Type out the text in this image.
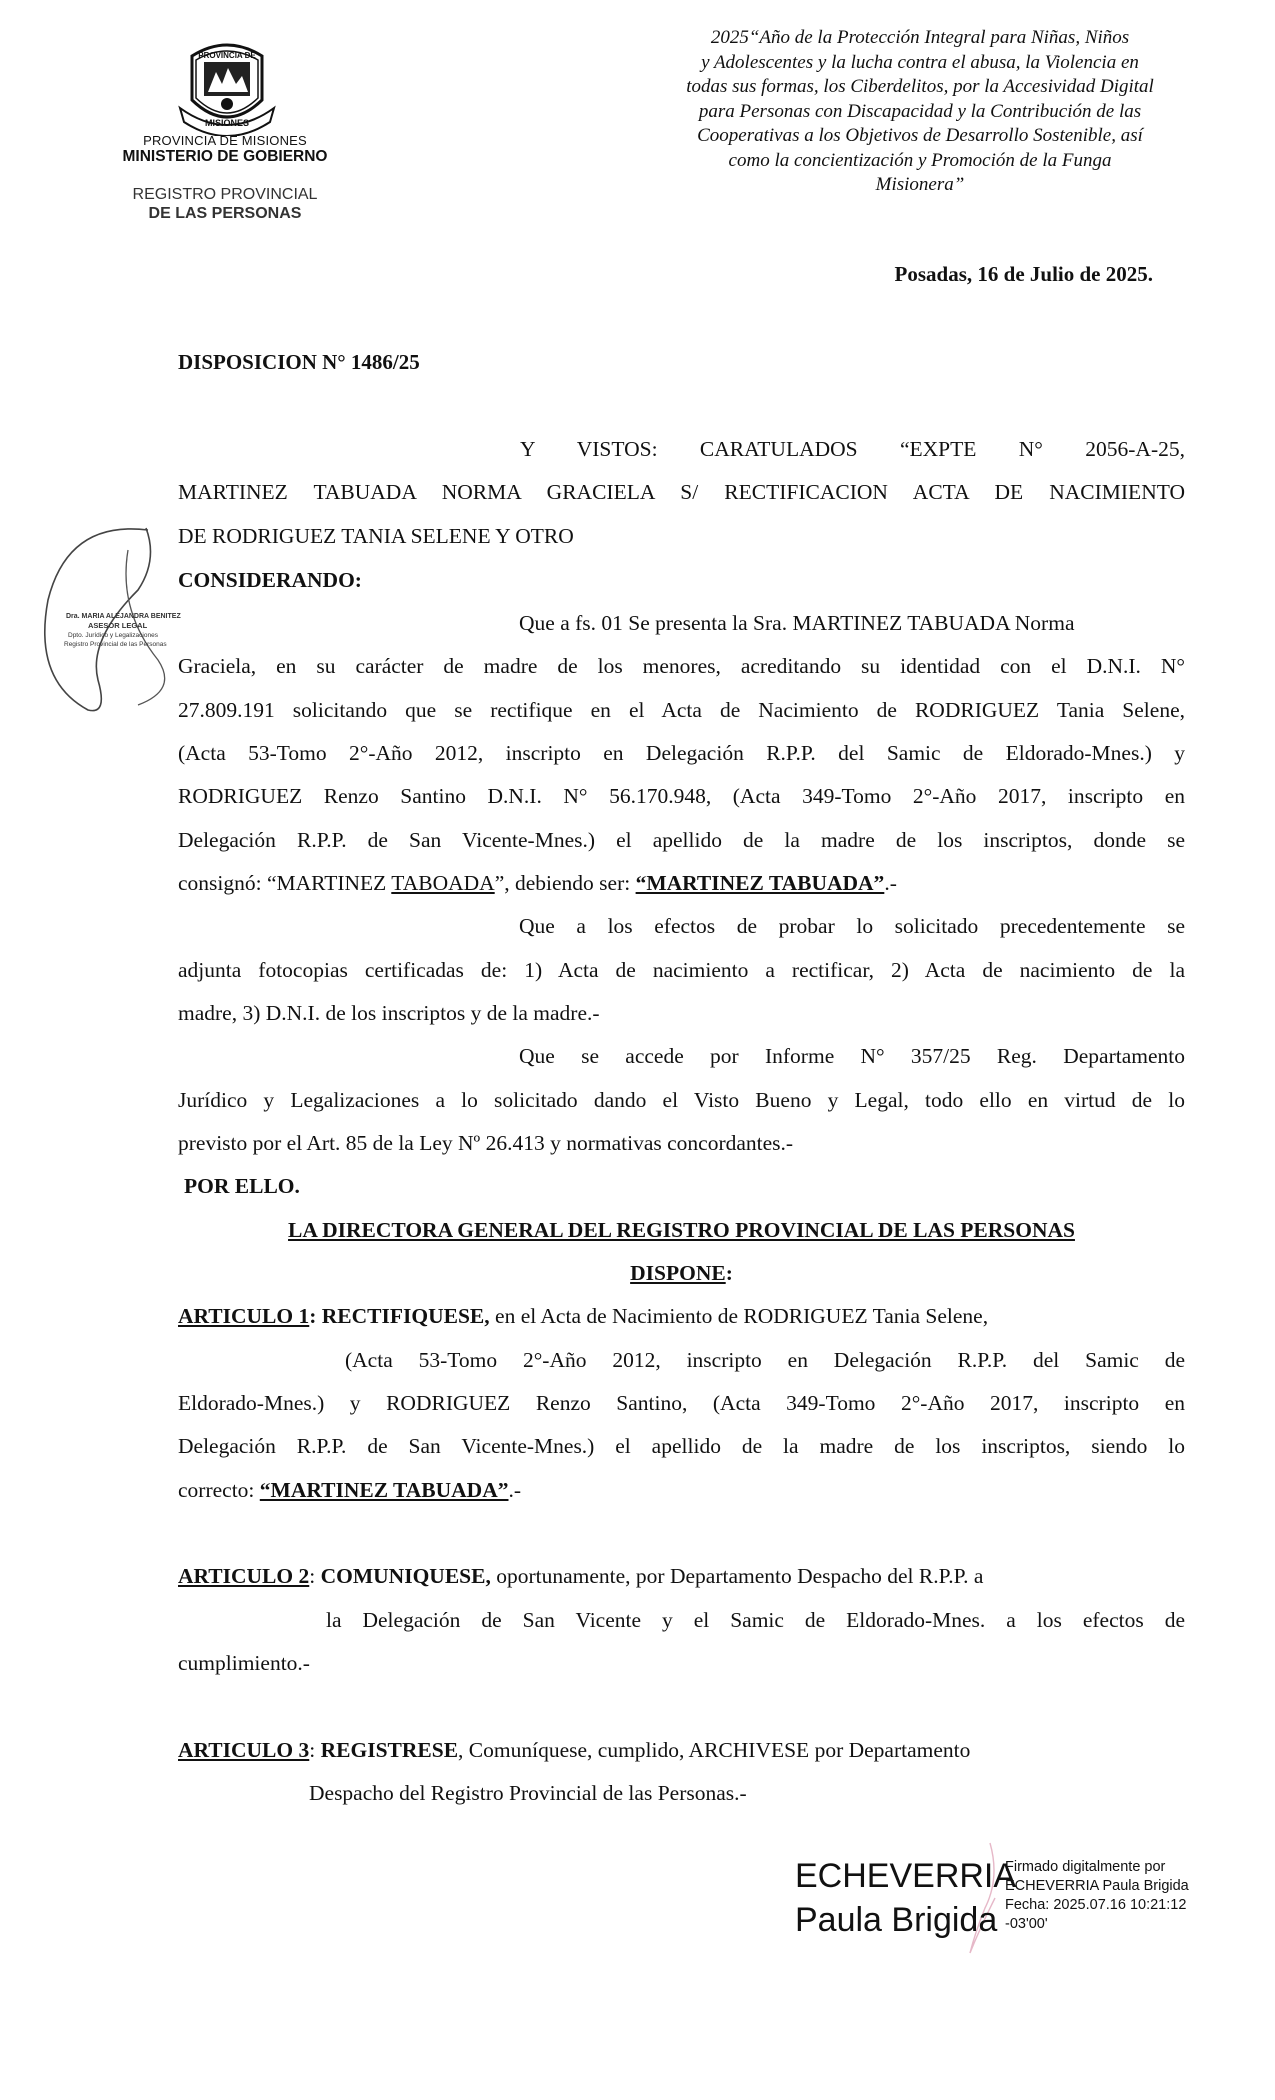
PROVINCIA DE
MISIONES
PROVINCIA DE MISIONES
MINISTERIO DE GOBIERNO
REGISTRO PROVINCIAL
DE LAS PERSONAS
2025“Año de la Protección Integral para Niñas, Niños
y Adolescentes y la lucha contra el abusa, la Violencia en
todas sus formas, los Ciberdelitos, por la Accesividad Digital
para Personas con Discapacidad y la Contribución de las
Cooperativas a los Objetivos de Desarrollo Sostenible, así
como la concientización y Promoción de la Funga
Misionera”
Posadas, 16 de Julio de 2025.
DISPOSICION N° 1486/25
Y VISTOS: CARATULADOS “EXPTE N° 2056-A-25,
MARTINEZ TABUADA NORMA GRACIELA S/ RECTIFICACION ACTA DE NACIMIENTO
DE RODRIGUEZ TANIA SELENE Y OTRO
CONSIDERANDO:
Dra. MARIA ALEJANDRA BENITEZ
ASESOR LEGAL
Dpto. Jurídico y Legalizaciones
Registro Provincial de las Personas
Que a fs. 01 Se presenta la Sra. MARTINEZ TABUADA Norma
Graciela, en su carácter de madre de los menores, acreditando su identidad con el D.N.I. N°
27.809.191 solicitando que se rectifique en el Acta de Nacimiento de RODRIGUEZ Tania Selene,
(Acta 53-Tomo 2°-Año 2012, inscripto en Delegación R.P.P. del Samic de Eldorado-Mnes.) y
RODRIGUEZ Renzo Santino D.N.I. N° 56.170.948, (Acta 349-Tomo 2°-Año 2017, inscripto en
Delegación R.P.P. de San Vicente-Mnes.) el apellido de la madre de los inscriptos, donde se
consignó: “MARTINEZ TABOADA”, debiendo ser: “MARTINEZ TABUADA”.-
Que a los efectos de probar lo solicitado precedentemente se
adjunta fotocopias certificadas de: 1) Acta de nacimiento a rectificar, 2) Acta de nacimiento de la
madre, 3) D.N.I. de los inscriptos y de la madre.-
Que se accede por Informe N° 357/25 Reg. Departamento
Jurídico y Legalizaciones a lo solicitado dando el Visto Bueno y Legal, todo ello en virtud de lo
previsto por el Art. 85 de la Ley Nº 26.413 y normativas concordantes.-
POR ELLO.
LA DIRECTORA GENERAL DEL REGISTRO PROVINCIAL DE LAS PERSONAS
DISPONE:
ARTICULO 1: RECTIFIQUESE, en el Acta de Nacimiento de RODRIGUEZ Tania Selene,
(Acta 53-Tomo 2°-Año 2012, inscripto en Delegación R.P.P. del Samic de
Eldorado-Mnes.) y RODRIGUEZ Renzo Santino, (Acta 349-Tomo 2°-Año 2017, inscripto en
Delegación R.P.P. de San Vicente-Mnes.) el apellido de la madre de los inscriptos, siendo lo
correcto: “MARTINEZ TABUADA”.-
ARTICULO 2: COMUNIQUESE, oportunamente, por Departamento Despacho del R.P.P. a
la Delegación de San Vicente y el Samic de Eldorado-Mnes. a los efectos de
cumplimiento.-
ARTICULO 3: REGISTRESE, Comuníquese, cumplido, ARCHIVESE por Departamento
Despacho del Registro Provincial de las Personas.-
ECHEVERRIA
Paula Brigida
Firmado digitalmente por
ECHEVERRIA Paula Brigida
Fecha: 2025.07.16 10:21:12
-03'00'
